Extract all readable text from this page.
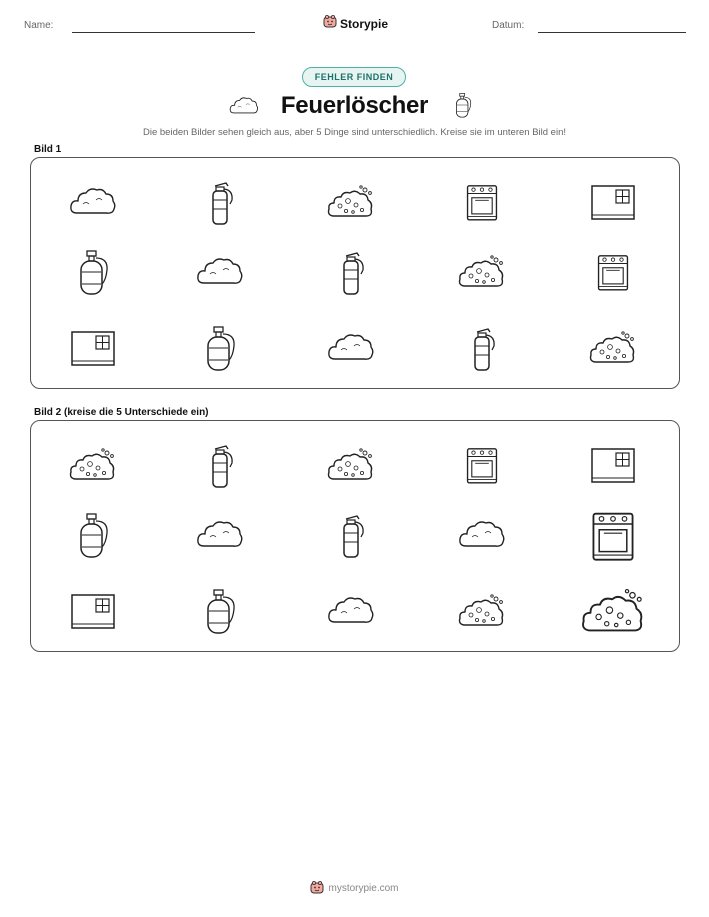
Name:	Storypie	Datum:
FEHLER FINDEN
Feuerlöscher
Die beiden Bilder sehen gleich aus, aber 5 Dinge sind unterschiedlich. Kreise sie im unteren Bild ein!
Bild 1
Bild 2 (kreise die 5 Unterschiede ein)
mystorypie.com
